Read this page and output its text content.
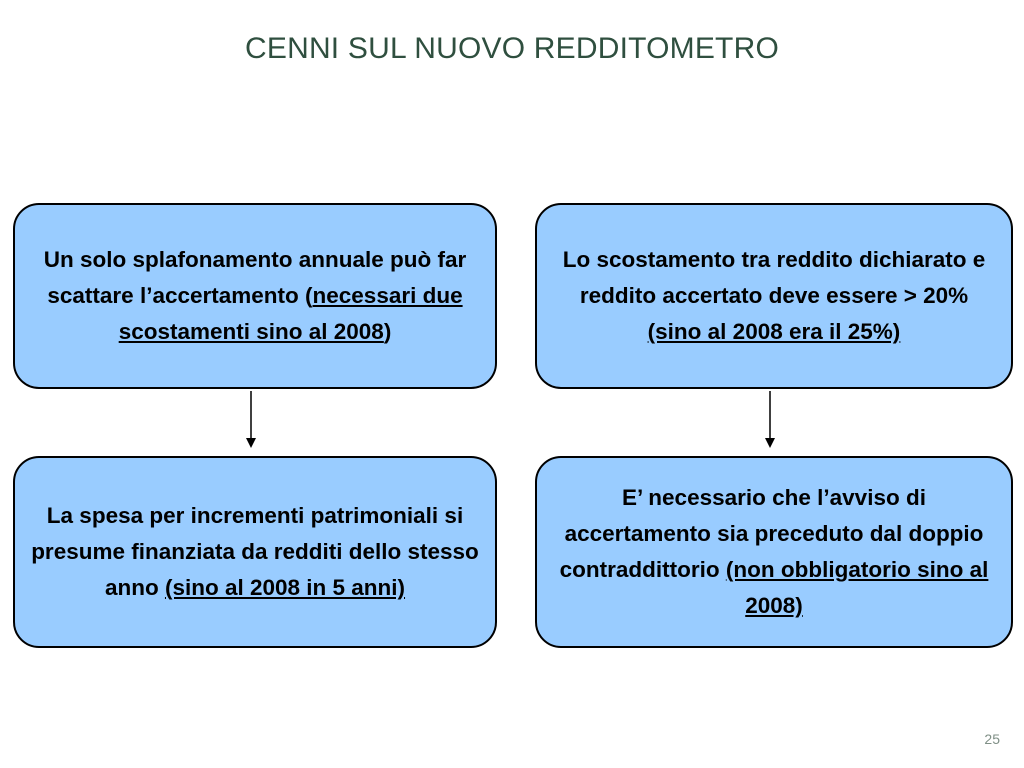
CENNI SUL NUOVO REDDITOMETRO
Un solo splafonamento annuale può far scattare l’accertamento (necessari due scostamenti sino al 2008)
Lo scostamento tra reddito dichiarato e reddito accertato deve essere > 20% (sino al 2008 era il 25%)
La spesa per incrementi patrimoniali si presume finanziata da redditi dello stesso anno (sino al 2008 in 5 anni)
E’ necessario che l’avviso di accertamento sia preceduto dal doppio contraddittorio (non obbligatorio sino al 2008)
25
